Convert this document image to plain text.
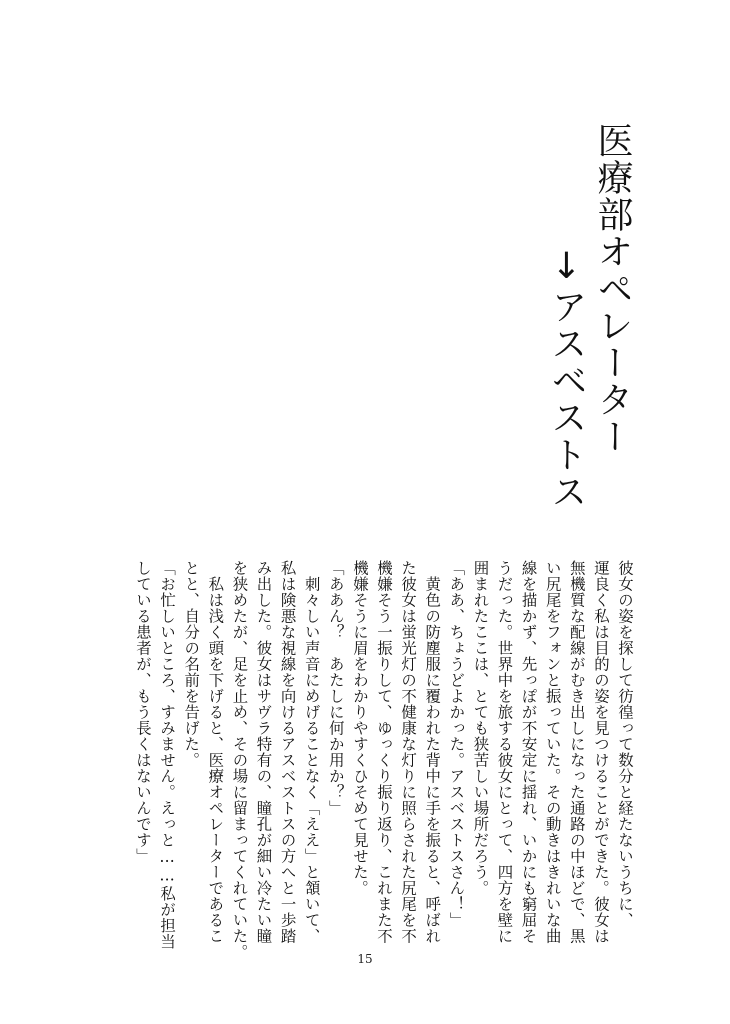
医療部オペレーター
↓アスベストス
彼女の姿を探して彷徨って数分と経たないうちに、
運良く私は目的の姿を見つけることができた。彼女は
無機質な配線がむき出しになった通路の中ほどで、黒
い尻尾をフォンと振っていた。その動きはきれいな曲
線を描かず、先っぽが不安定に揺れ、いかにも窮屈そ
うだった。世界中を旅する彼女にとって、四方を壁に
囲まれたここは、とても狭苦しい場所だろう。
「ああ、ちょうどよかった。アスベストスさん！」
黄色の防塵服に覆われた背中に手を振ると、呼ばれ
た彼女は蛍光灯の不健康な灯りに照らされた尻尾を不
機嫌そう一振りして、ゆっくり振り返り、これまた不
機嫌そうに眉をわかりやすくひそめて見せた。
「ああん？　あたしに何か用か？」
刺々しい声音にめげることなく「ええ」と頷いて、
私は険悪な視線を向けるアスベストスの方へと一歩踏
み出した。彼女はサヴラ特有の、瞳孔が細い冷たい瞳
を狭めたが、足を止め、その場に留まってくれていた。
私は浅く頭を下げると、医療オペレーターであるこ
とと、自分の名前を告げた。
「お忙しいところ、すみません。えっと……私が担当
している患者が、もう長くはないんです」
15
